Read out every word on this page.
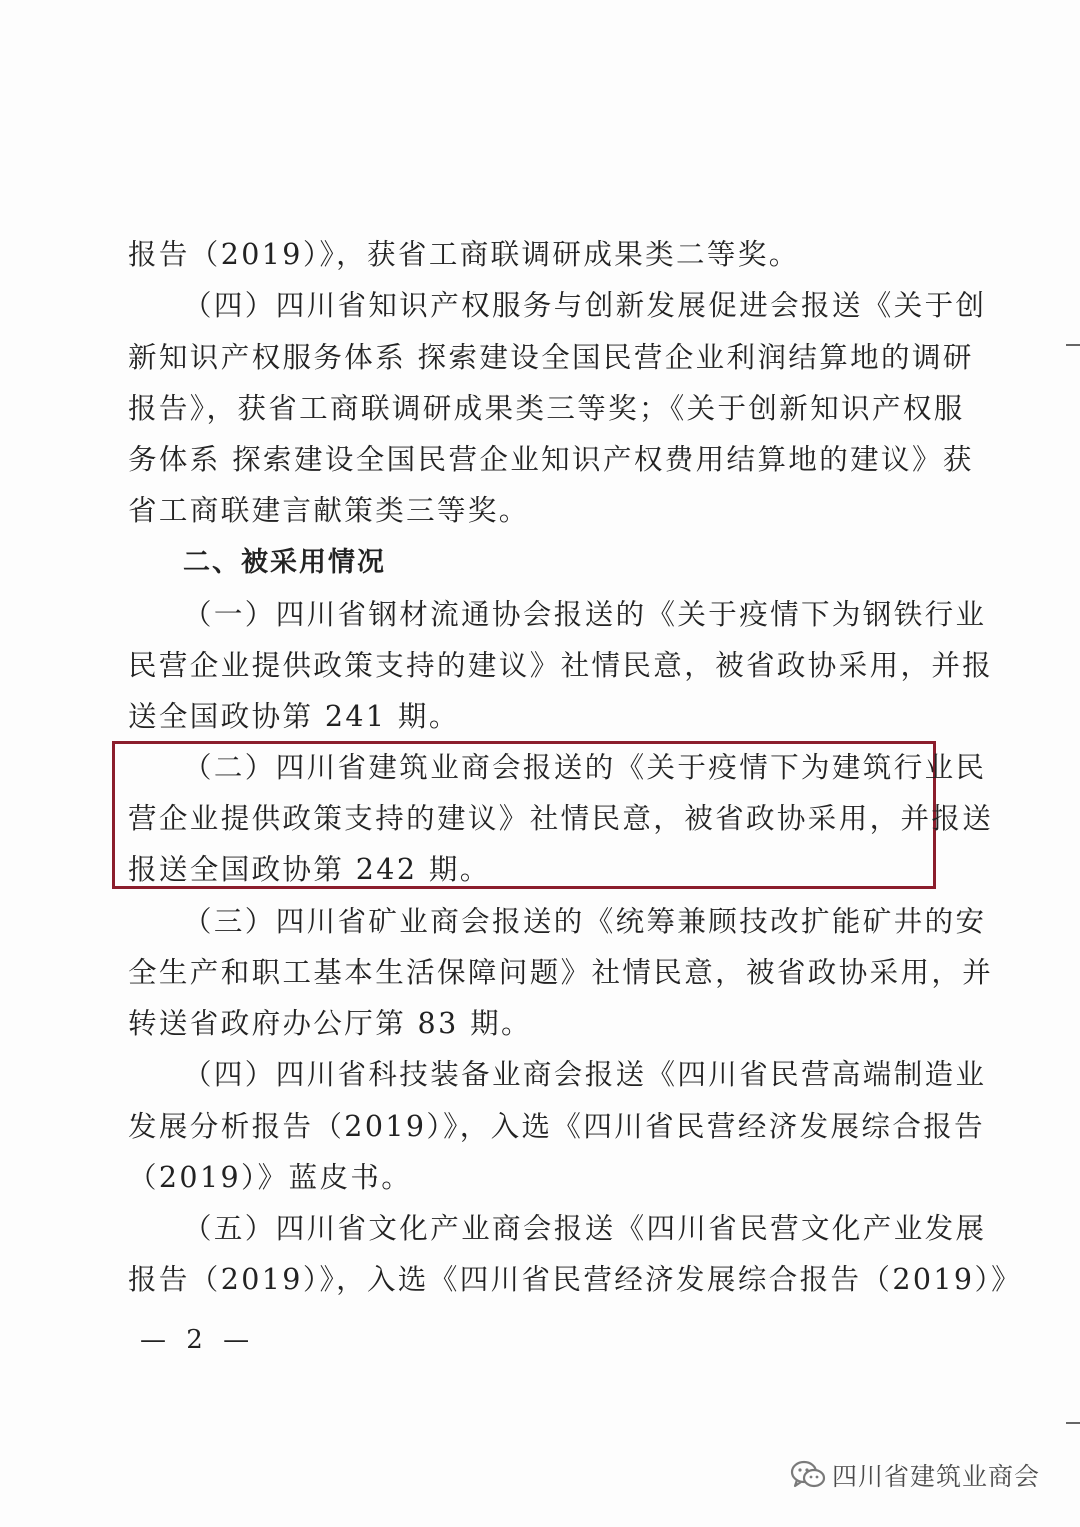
报告（2019）》，获省工商联调研成果类二等奖。
（四）四川省知识产权服务与创新发展促进会报送《关于创
新知识产权服务体系 探索建设全国民营企业利润结算地的调研
报告》，获省工商联调研成果类三等奖；《关于创新知识产权服
务体系 探索建设全国民营企业知识产权费用结算地的建议》获
省工商联建言献策类三等奖。
二、被采用情况
（一）四川省钢材流通协会报送的《关于疫情下为钢铁行业
民营企业提供政策支持的建议》社情民意，被省政协采用，并报
送全国政协第 241 期。
（二）四川省建筑业商会报送的《关于疫情下为建筑行业民
营企业提供政策支持的建议》社情民意，被省政协采用，并报送
报送全国政协第 242 期。
（三）四川省矿业商会报送的《统筹兼顾技改扩能矿井的安
全生产和职工基本生活保障问题》社情民意，被省政协采用，并
转送省政府办公厅第 83 期。
（四）四川省科技装备业商会报送《四川省民营高端制造业
发展分析报告（2019）》，入选《四川省民营经济发展综合报告
（2019）》蓝皮书。
（五）四川省文化产业商会报送《四川省民营文化产业发展
报告（2019）》，入选《四川省民营经济发展综合报告（2019）》
— 2 —
四川省建筑业商会
